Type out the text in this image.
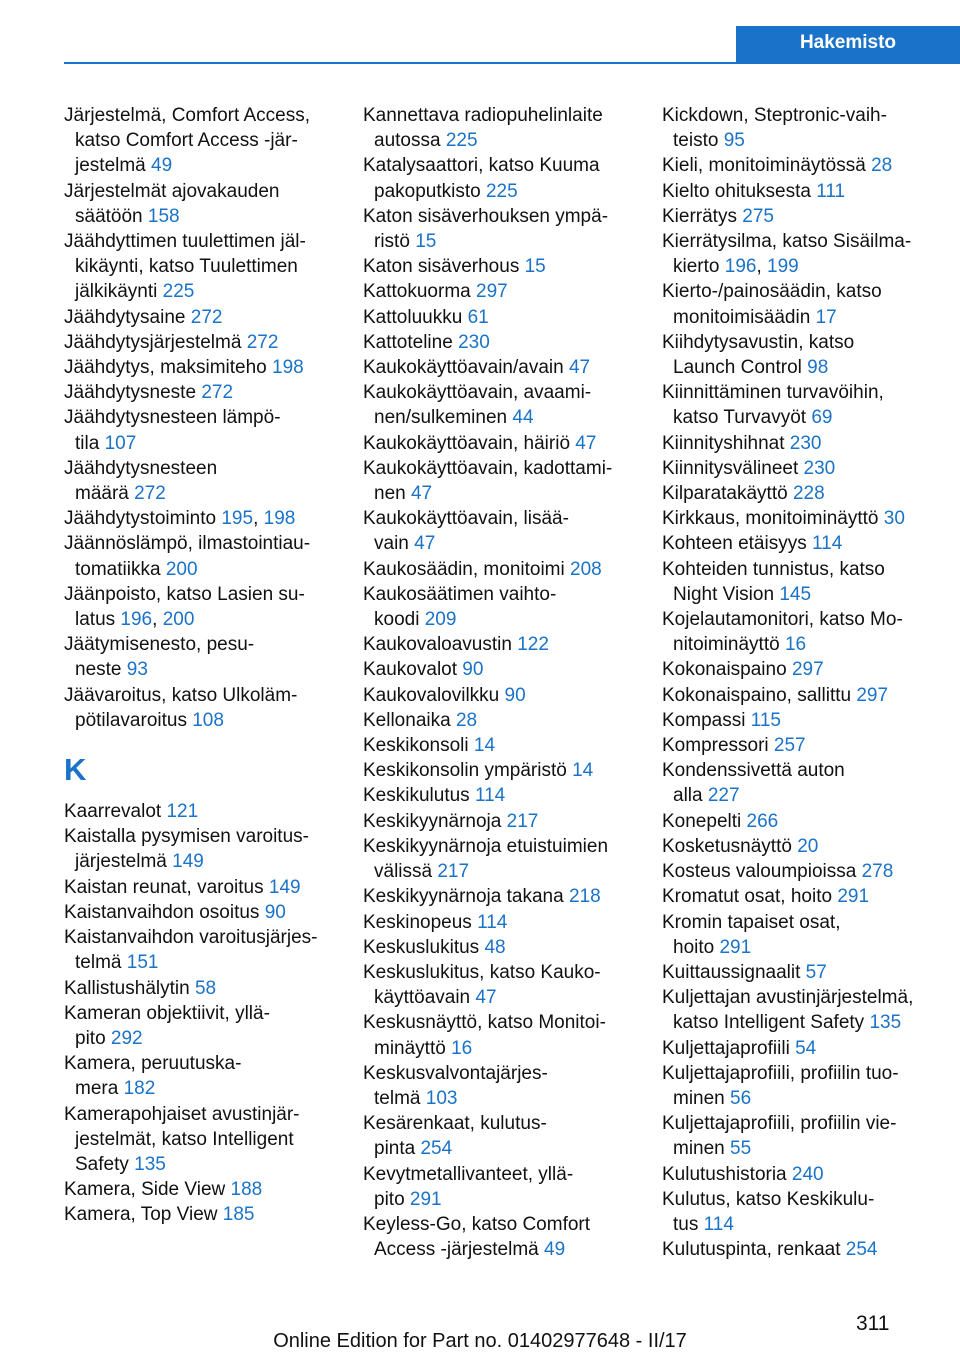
Kaikki A:sta Ö:hön	Hakemisto

Järjestelmä, Comfort Access,
katso Comfort Access -jär-
jestelmä 49

Järjestelmät ajovakauden
säätöön 158

Jäähdyttimen tuulettimen jäl-
kikäynti, katso Tuulettimen
jälkikäynti 225

Jäähdytysaine 272

Jäähdytysjärjestelmä 272

Jäähdytys, maksimiteho 198

Jäähdytysneste 272

Jäähdytysnesteen lämpö-
tila 107

Jäähdytysnesteen
määrä 272

Jäähdytystoiminto 195, 198

Jäännöslämpö, ilmastointiau-
tomatiikka 200

Jäänpoisto, katso Lasien su-
latus 196, 200

Jäätymisenesto, pesu-
neste 93

Jäävaroitus, katso Ulkoläm-
pötilavaroitus 108

K

Kaarrevalot 121

Kaistalla pysymisen varoitus-
järjestelmä 149

Kaistan reunat, varoitus 149

Kaistanvaihdon osoitus 90

Kaistanvaihdon varoitusjärjes-
telmä 151

Kallistushälytin 58

Kameran objektiivit, yllä-
pito 292

Kamera, peruutuska-
mera 182

Kamerapohjaiset avustinjär-
jestelmät, katso Intelligent
Safety 135

Kamera, Side View 188

Kamera, Top View 185

Kannettava radiopuhelinlaite
autossa 225

Katalysaattori, katso Kuuma
pakoputkisto 225

Katon sisäverhouksen ympä-
ristö 15

Katon sisäverhous 15

Kattokuorma 297

Kattoluukku 61

Kattoteline 230

Kaukokäyttöavain/avain 47

Kaukokäyttöavain, avaami-
nen/sulkeminen 44

Kaukokäyttöavain, häiriö 47

Kaukokäyttöavain, kadottami-
nen 47

Kaukokäyttöavain, lisää-
vain 47

Kaukosäädin, monitoimi 208

Kaukosäätimen vaihto-
koodi 209

Kaukovaloavustin 122

Kaukovalot 90

Kaukovalovilkku 90

Kellonaika 28

Keskikonsoli 14

Keskikonsolin ympäristö 14

Keskikulutus 114

Keskikyynärnoja 217

Keskikyynärnoja etuistuimien
välissä 217

Keskikyynärnoja takana 218

Keskinopeus 114

Keskuslukitus 48

Keskuslukitus, katso Kauko-
käyttöavain 47

Keskusnäyttö, katso Monitoi-
minäyttö 16

Keskusvalvontajärjes-
telmä 103

Kesärenkaat, kulutus-
pinta 254

Kevytmetallivanteet, yllä-
pito 291

Keyless-Go, katso Comfort
Access -järjestelmä 49

Kickdown, Steptronic-vaih-
teisto 95

Kieli, monitoiminäytössä 28

Kielto ohituksesta 111

Kierrätys 275

Kierrätysilma, katso Sisäilma-
kierto 196, 199

Kierto-/painosäädin, katso
monitoimisäädin 17

Kiihdytysavustin, katso
Launch Control 98

Kiinnittäminen turvavöihin,
katso Turvavyöt 69

Kiinnityshihnat 230

Kiinnitysvälineet 230

Kilparatakäyttö 228

Kirkkaus, monitoiminäyttö 30

Kohteen etäisyys 114

Kohteiden tunnistus, katso
Night Vision 145

Kojelautamonitori, katso Mo-
nitoiminäyttö 16

Kokonaispaino 297

Kokonaispaino, sallittu 297

Kompassi 115

Kompressori 257

Kondenssivettä auton
alla 227

Konepelti 266

Kosketusnäyttö 20

Kosteus valoumpioissa 278

Kromatut osat, hoito 291

Kromin tapaiset osat,
hoito 291

Kuittaussignaalit 57

Kuljettajan avustinjärjestelmä,
katso Intelligent Safety 135

Kuljettajaprofiili 54

Kuljettajaprofiili, profiilin tuo-
minen 56

Kuljettajaprofiili, profiilin vie-
minen 55

Kulutushistoria 240

Kulutus, katso Keskikulu-
tus 114

Kulutuspinta, renkaat 254

311
Online Edition for Part no. 01402977648 - II/17
